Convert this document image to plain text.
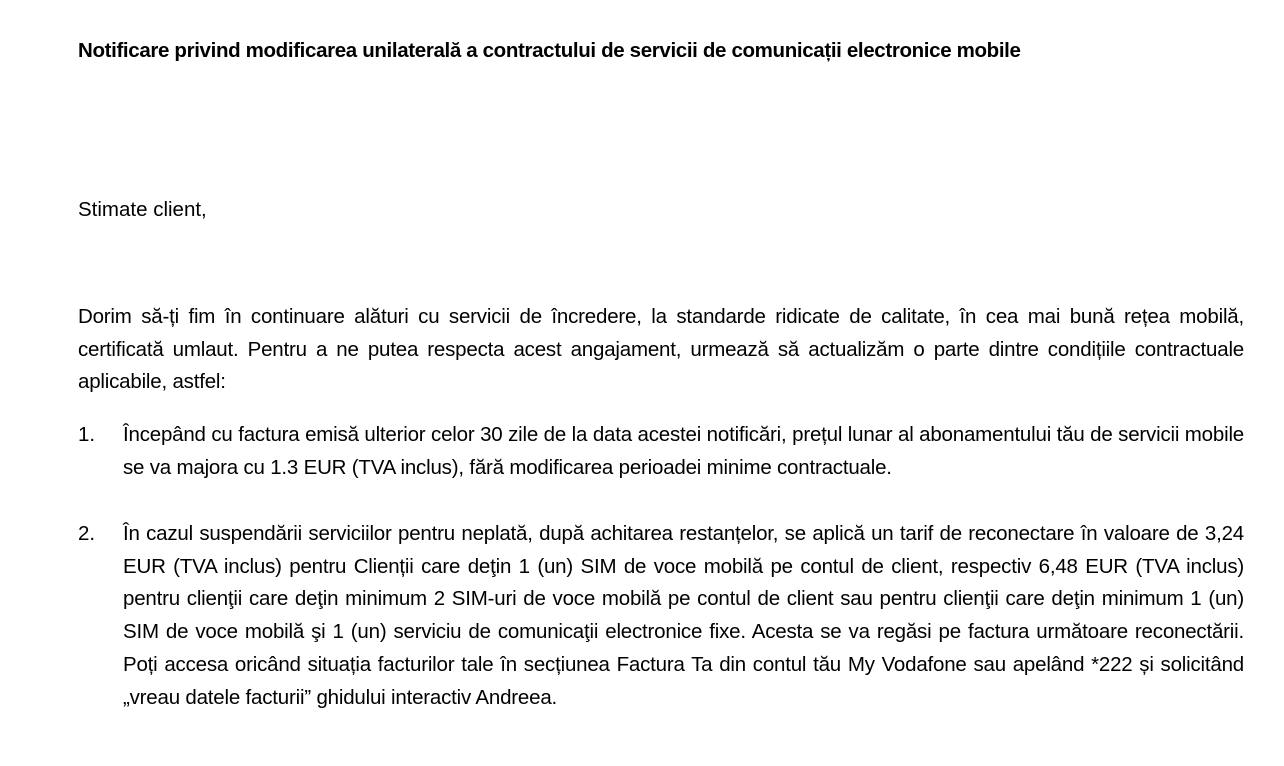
Notificare privind modificarea unilaterală a contractului de servicii de comunicații electronice mobile
Stimate client,

Dorim să-ți fim în continuare alături cu servicii de încredere, la standarde ridicate de calitate, în cea mai bună rețea mobilă, certificată umlaut. Pentru a ne putea respecta acest angajament, urmează să actualizăm o parte dintre condițiile contractuale aplicabile, astfel:

1.	Începând cu factura emisă ulterior celor 30 zile de la data acestei notificări, prețul lunar al abonamentului tău de servicii mobile se va majora cu 1.3 EUR (TVA inclus), fără modificarea perioadei minime contractuale.
2.	În cazul suspendării serviciilor pentru neplată, după achitarea restanțelor, se aplică un tarif de reconectare în valoare de 3,24 EUR (TVA inclus) pentru Clienții care deţin 1 (un) SIM de voce mobilă pe contul de client, respectiv 6,48 EUR (TVA inclus) pentru clienţii care deţin minimum 2 SIM-uri de voce mobilă pe contul de client sau pentru clienţii care deţin minimum 1 (un) SIM de voce mobilă şi 1 (un) serviciu de comunicaţii electronice fixe. Acesta se va regăsi pe factura următoare reconectării. Poți accesa oricând situația facturilor tale în secțiunea Factura Ta din contul tău My Vodafone sau apelând *222 și solicitând „vreau datele facturii” ghidului interactiv Andreea.
